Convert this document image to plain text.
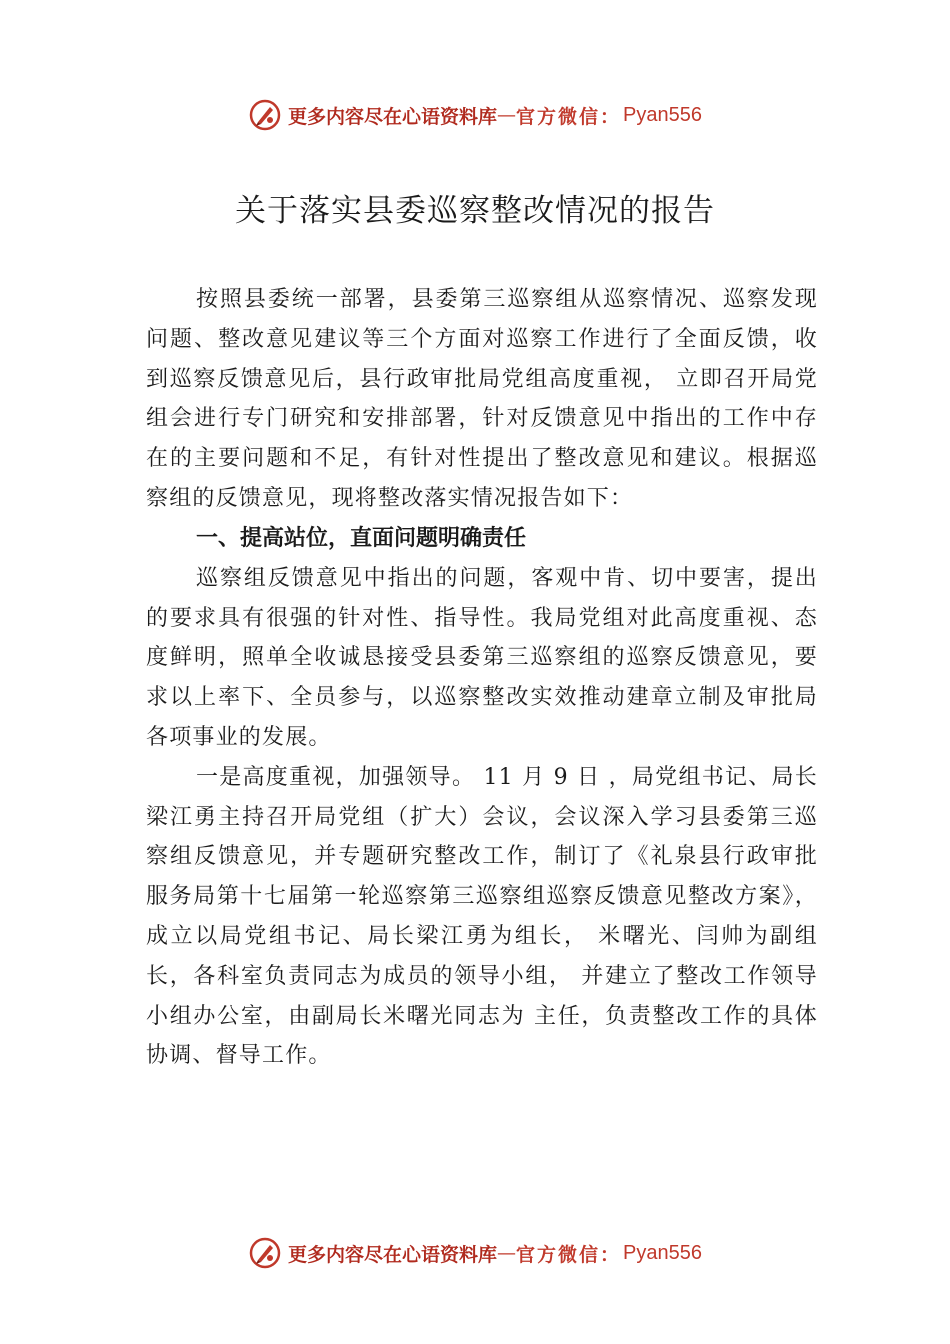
更多内容尽在心语资料库 — 官方微信： Pyan556
关于落实县委巡察整改情况的报告

按照县委统一部署，县委第三巡察组从巡察情况、巡察发现问题、整改意见建议等三个方面对巡察工作进行了全面反馈，收到巡察反馈意见后，县行政审批局党组高度重视， 立即召开局党组会进行专门研究和安排部署，针对反馈意见中指出的工作中存在的主要问题和不足，有针对性提出了整改意见和建议。根据巡察组的反馈意见，现将整改落实情况报告如下：

一、提高站位，直面问题明确责任

巡察组反馈意见中指出的问题，客观中肯、切中要害，提出的要求具有很强的针对性、指导性。我局党组对此高度重视、态度鲜明，照单全收诚恳接受县委第三巡察组的巡察反馈意见，要求以上率下、全员参与，以巡察整改实效推动建章立制及审批局各项事业的发展。

一是高度重视，加强领导。 11 月 9 日 ，局党组书记、局长梁江勇主持召开局党组（扩大）会议，会议深入学习县委第三巡察组反馈意见，并专题研究整改工作，制订了《礼泉县行政审批服务局第十七届第一轮巡察第三巡察组巡察反馈意见整改方案》，成立以局党组书记、局长梁江勇为组长， 米曙光、闫帅为副组长，各科室负责同志为成员的领导小组， 并建立了整改工作领导小组办公室，由副局长米曙光同志为 主任，负责整改工作的具体协调、督导工作。

更多内容尽在心语资料库 — 官方微信： Pyan556
